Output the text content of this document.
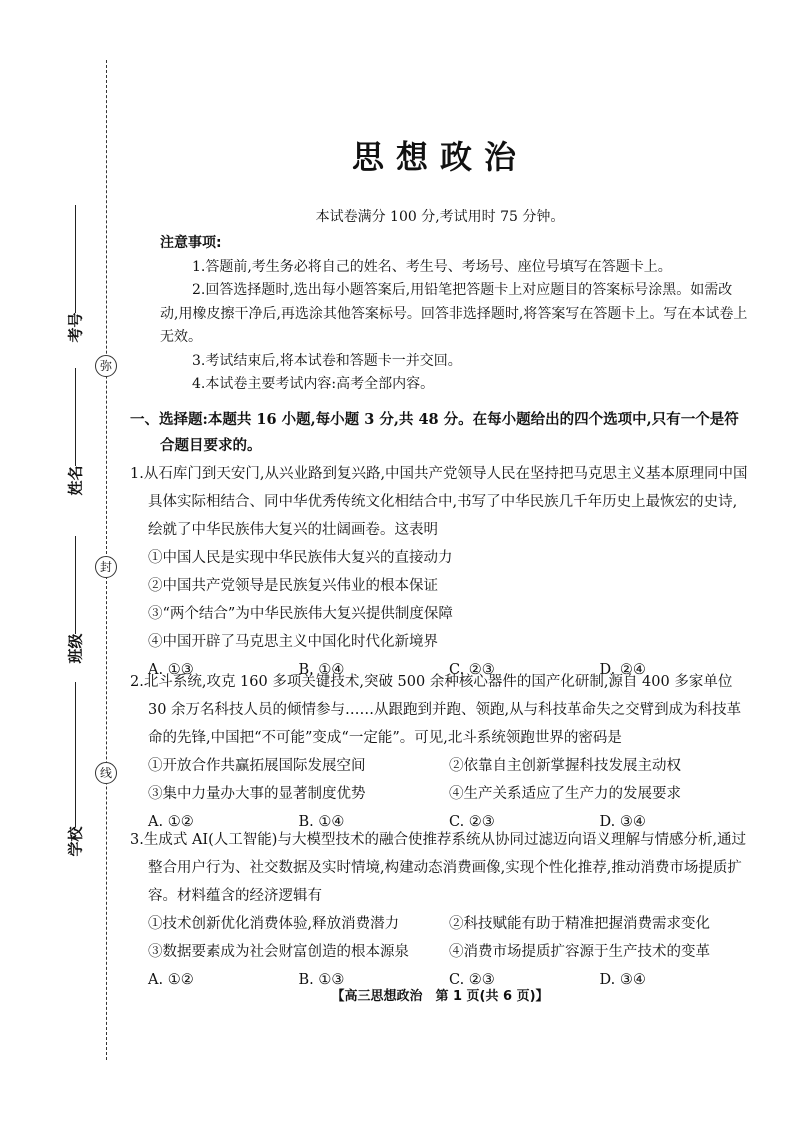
弥
封
线
考号
姓名
班级
学校
思想政治
本试卷满分 100 分,考试用时 75 分钟。
注意事项:

1.答题前,考生务必将自己的姓名、考生号、考场号、座位号填写在答题卡上。

2.回答选择题时,选出每小题答案后,用铅笔把答题卡上对应题目的答案标号涂黑。如需改动,用橡皮擦干净后,再选涂其他答案标号。回答非选择题时,将答案写在答题卡上。写在本试卷上无效。

3.考试结束后,将本试卷和答题卡一并交回。

4.本试卷主要考试内容:高考全部内容。

一、选择题:本题共 16 小题,每小题 3 分,共 48 分。在每小题给出的四个选项中,只有一个是符
合题目要求的。

1.从石库门到天安门,从兴业路到复兴路,中国共产党领导人民在坚持把马克思主义基本原理同中国具体实际相结合、同中华优秀传统文化相结合中,书写了中华民族几千年历史上最恢宏的史诗,绘就了中华民族伟大复兴的壮阔画卷。这表明

①中国人民是实现中华民族伟大复兴的直接动力

②中国共产党领导是民族复兴伟业的根本保证

③“两个结合”为中华民族伟大复兴提供制度保障

④中国开辟了马克思主义中国化时代化新境界

A. ①③	B. ①④	C. ②③	D. ②④

2.北斗系统,攻克 160 多项关键技术,突破 500 余种核心器件的国产化研制,源自 400 多家单位 30 余万名科技人员的倾情参与……从跟跑到并跑、领跑,从与科技革命失之交臂到成为科技革命的先锋,中国把“不可能”变成“一定能”。可见,北斗系统领跑世界的密码是

①开放合作共赢拓展国际发展空间	②依靠自主创新掌握科技发展主动权
③集中力量办大事的显著制度优势	④生产关系适应了生产力的发展要求
A. ①②	B. ①④	C. ②③	D. ③④

3.生成式 AI(人工智能)与大模型技术的融合使推荐系统从协同过滤迈向语义理解与情感分析,通过整合用户行为、社交数据及实时情境,构建动态消费画像,实现个性化推荐,推动消费市场提质扩容。材料蕴含的经济逻辑有

①技术创新优化消费体验,释放消费潜力	②科技赋能有助于精准把握消费需求变化
③数据要素成为社会财富创造的根本源泉	④消费市场提质扩容源于生产技术的变革
A. ①②	B. ①③	C. ②③	D. ③④
【高三思想政治　第 1 页(共 6 页)】
